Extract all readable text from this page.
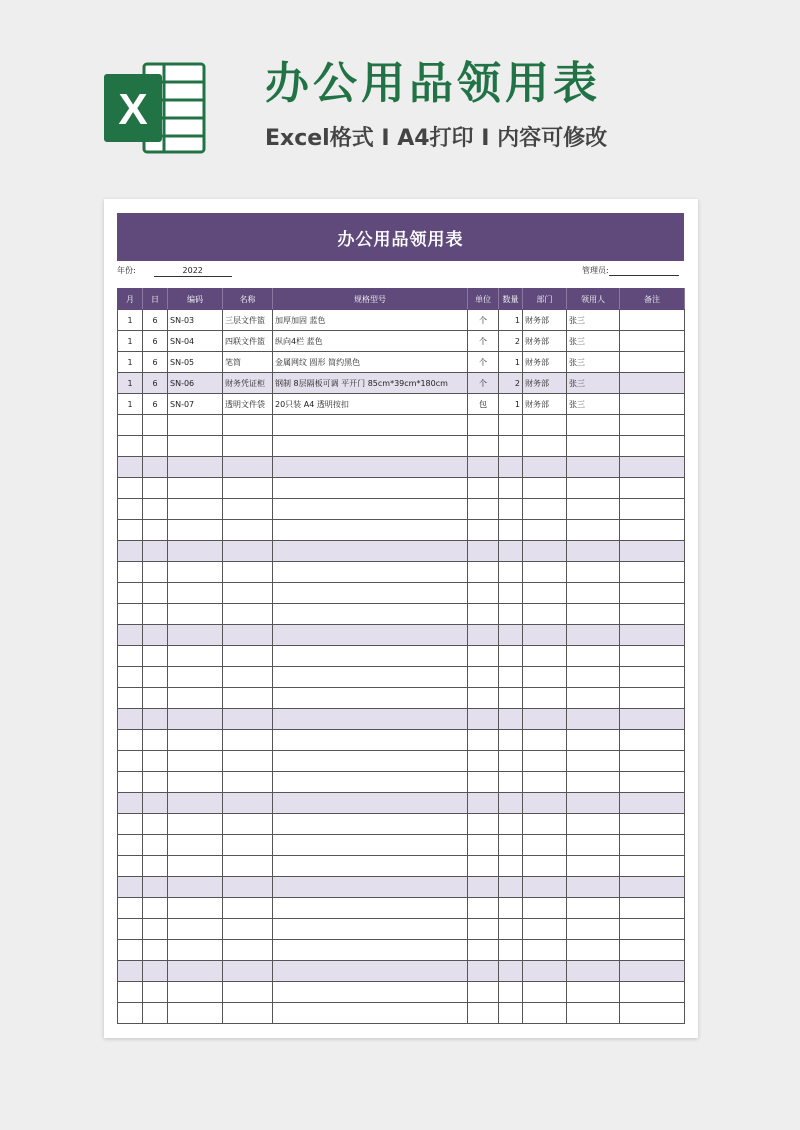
X
办公用品领用表
Excel格式 I A4打印 I 内容可修改
办公用品领用表
年份:	2022	管理员:
月	日	编码	名称	规格型号	单位	数量	部门	领用人	备注
1	6	SN-03	三层文件篮	加厚加固 蓝色	个	1	财务部	张三	
1	6	SN-04	四联文件篮	纵向4栏 蓝色	个	2	财务部	张三	
1	6	SN-05	笔筒	金属网纹 圆形 简约黑色	个	1	财务部	张三	
1	6	SN-06	财务凭证柜	钢制 8层隔板可调 平开门 85cm*39cm*180cm	个	2	财务部	张三	
1	6	SN-07	透明文件袋	20只装 A4 透明按扣	包	1	财务部	张三	
